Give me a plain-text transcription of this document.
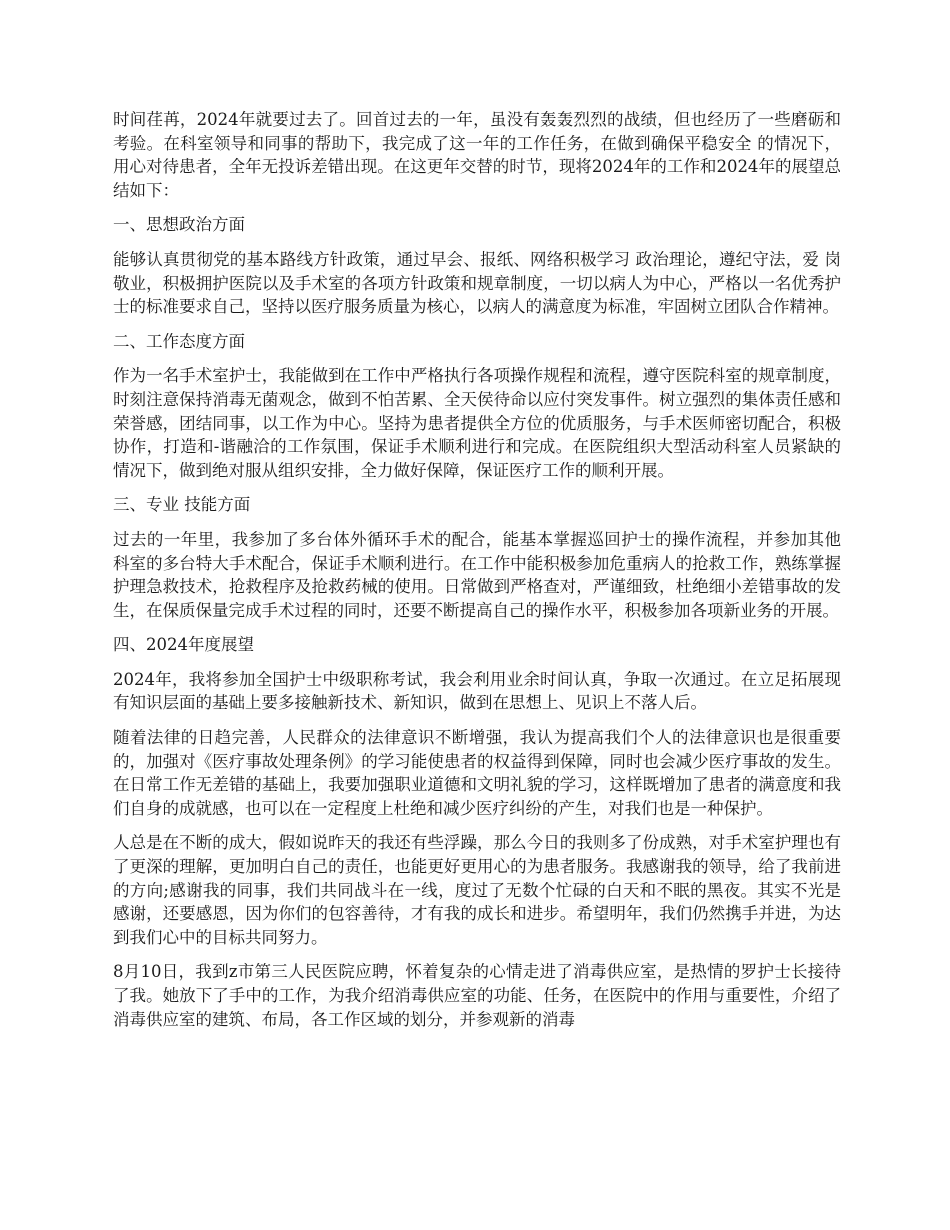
时间荏苒，2024年就要过去了。回首过去的一年，虽没有轰轰烈烈的战绩，但也经历了一些磨砺和考验。在科室领导和同事的帮助下，我完成了这一年的工作任务，在做到确保平稳安全 的情况下，用心对待患者，全年无投诉差错出现。在这更年交替的时节，现将2024年的工作和2024年的展望总结如下：

一、思想政治方面

能够认真贯彻党的基本路线方针政策，通过早会、报纸、网络积极学习 政治理论，遵纪守法，爱 岗敬业，积极拥护医院以及手术室的各项方针政策和规章制度，一切以病人为中心，严格以一名优秀护士的标准要求自己，坚持以医疗服务质量为核心，以病人的满意度为标准，牢固树立团队合作精神。

二、工作态度方面

作为一名手术室护士，我能做到在工作中严格执行各项操作规程和流程，遵守医院科室的规章制度，时刻注意保持消毒无菌观念，做到不怕苦累、全天侯待命以应付突发事件。树立强烈的集体责任感和荣誉感，团结同事，以工作为中心。坚持为患者提供全方位的优质服务，与手术医师密切配合，积极协作，打造和-谐融洽的工作氛围，保证手术顺利进行和完成。在医院组织大型活动科室人员紧缺的情况下，做到绝对服从组织安排，全力做好保障，保证医疗工作的顺利开展。

三、专业 技能方面

过去的一年里，我参加了多台体外循环手术的配合，能基本掌握巡回护士的操作流程，并参加其他 科室的多台特大手术配合，保证手术顺利进行。在工作中能积极参加危重病人的抢救工作，熟练掌握护理急救技术，抢救程序及抢救药械的使用。日常做到严格查对，严谨细致，杜绝细小差错事故的发生，在保质保量完成手术过程的同时，还要不断提高自己的操作水平，积极参加各项新业务的开展。

四、2024年度展望

2024年，我将参加全国护士中级职称考试，我会利用业余时间认真，争取一次通过。在立足拓展现有知识层面的基础上要多接触新技术、新知识，做到在思想上、见识上不落人后。

随着法律的日趋完善，人民群众的法律意识不断增强，我认为提高我们个人的法律意识也是很重要的，加强对《医疗事故处理条例》的学习能使患者的权益得到保障，同时也会减少医疗事故的发生。在日常工作无差错的基础上，我要加强职业道德和文明礼貌的学习，这样既增加了患者的满意度和我们自身的成就感，也可以在一定程度上杜绝和减少医疗纠纷的产生，对我们也是一种保护。

人总是在不断的成大，假如说昨天的我还有些浮躁，那么今日的我则多了份成熟，对手术室护理也有了更深的理解，更加明白自己的责任，也能更好更用心的为患者服务。我感谢我的领导，给了我前进的方向;感谢我的同事，我们共同战斗在一线，度过了无数个忙碌的白天和不眠的黑夜。其实不光是感谢，还要感恩，因为你们的包容善待，才有我的成长和进步。希望明年，我们仍然携手并进，为达到我们心中的目标共同努力。

8月10日，我到z市第三人民医院应聘，怀着复杂的心情走进了消毒供应室，是热情的罗护士长接待了我。她放下了手中的工作，为我介绍消毒供应室的功能、任务，在医院中的作用与重要性，介绍了消毒供应室的建筑、布局，各工作区域的划分，并参观新的消毒
